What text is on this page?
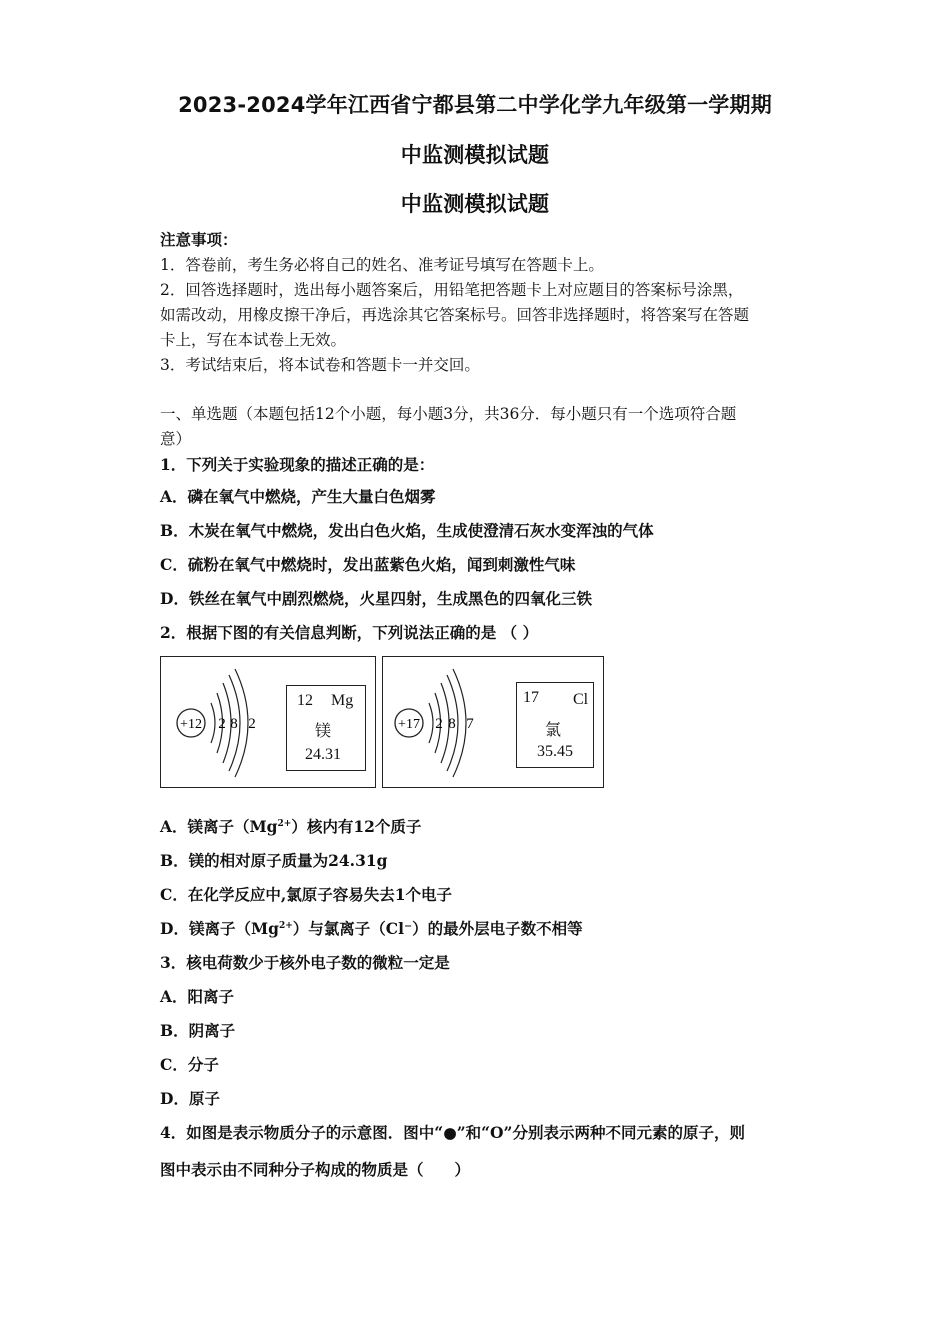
2023-2024学年江西省宁都县第二中学化学九年级第一学期期
中监测模拟试题
中监测模拟试题
注意事项：
1．答卷前，考生务必将自己的姓名、准考证号填写在答题卡上。
2．回答选择题时，选出每小题答案后，用铅笔把答题卡上对应题目的答案标号涂黑，
如需改动，用橡皮擦干净后，再选涂其它答案标号。回答非选择题时，将答案写在答题
卡上，写在本试卷上无效。
3．考试结束后，将本试卷和答题卡一并交回。
一、单选题（本题包括12个小题，每小题3分，共36分．每小题只有一个选项符合题
意）
1．下列关于实验现象的描述正确的是：
A．磷在氧气中燃烧，产生大量白色烟雾
B．木炭在氧气中燃烧，发出白色火焰，生成使澄清石灰水变浑浊的气体
C．硫粉在氧气中燃烧时，发出蓝紫色火焰，闻到刺激性气味
D．铁丝在氧气中剧烈燃烧，火星四射，生成黑色的四氧化三铁
2．根据下图的有关信息判断，下列说法正确的是 （ ）
+12 2 8 2
12 Mg
镁
24.31
+17 2 8 7
17 Cl
氯
35.45
A．镁离子$(Mg^{2+})$核内有12个质子
B．镁的相对原子质量为24.31g
C．在化学反应中,氯原子容易失去1个电子
D．镁离子$(Mg^{2+})$与氯离子（Cl⁻）的最外层电子数不相等
3．核电荷数少于核外电子数的微粒一定是
A．阳离子
B．阴离子
C．分子
D．原子
4．如图是表示物质分子的示意图．图中“●”和“O”分别表示两种不同元素的原子，则
图中表示由不同种分子构成的物质是（　　）
